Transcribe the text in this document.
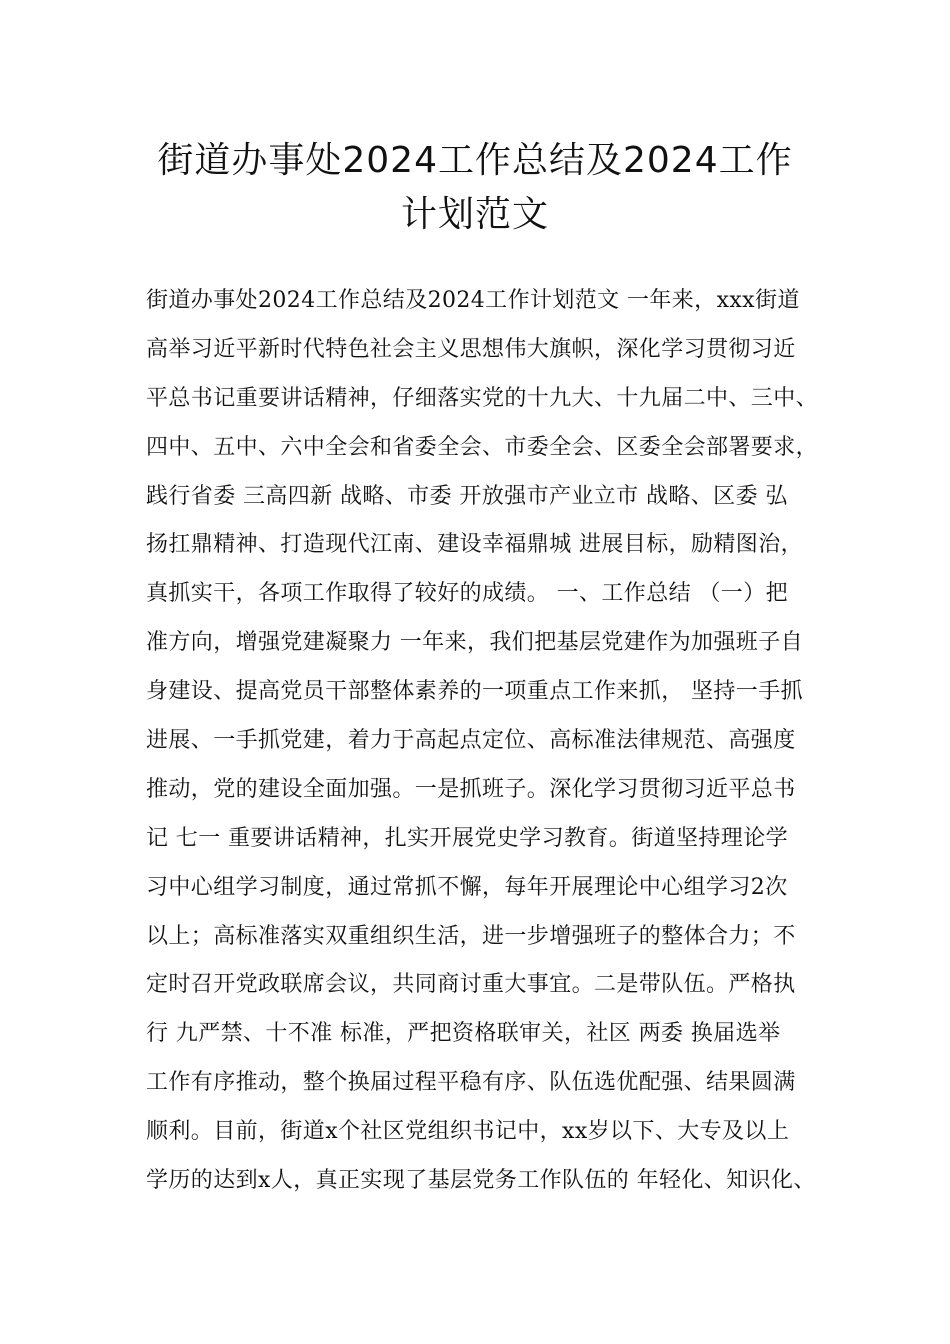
街道办事处2024工作总结及2024工作
计划范文
街道办事处2024工作总结及2024工作计划范文 一年来，xxx街道
高举习近平新时代特色社会主义思想伟大旗帜，深化学习贯彻习近
平总书记重要讲话精神，仔细落实党的十九大、十九届二中、三中、
四中、五中、六中全会和省委全会、市委全会、区委全会部署要求，
践行省委 三高四新 战略、市委 开放强市产业立市 战略、区委 弘
扬扛鼎精神、打造现代江南、建设幸福鼎城 进展目标，励精图治，
真抓实干，各项工作取得了较好的成绩。 一、工作总结 （一）把
准方向，增强党建凝聚力 一年来，我们把基层党建作为加强班子自
身建设、提高党员干部整体素养的一项重点工作来抓， 坚持一手抓
进展、一手抓党建，着力于高起点定位、高标准法律规范、高强度
推动，党的建设全面加强。一是抓班子。深化学习贯彻习近平总书
记 七一 重要讲话精神，扎实开展党史学习教育。街道坚持理论学
习中心组学习制度，通过常抓不懈，每年开展理论中心组学习2次
以上；高标准落实双重组织生活，进一步增强班子的整体合力；不
定时召开党政联席会议，共同商讨重大事宜。二是带队伍。严格执
行 九严禁、十不准 标准，严把资格联审关，社区 两委 换届选举
工作有序推动，整个换届过程平稳有序、队伍选优配强、结果圆满
顺利。目前，街道x个社区党组织书记中，xx岁以下、大专及以上
学历的达到x人，真正实现了基层党务工作队伍的 年轻化、知识化、
